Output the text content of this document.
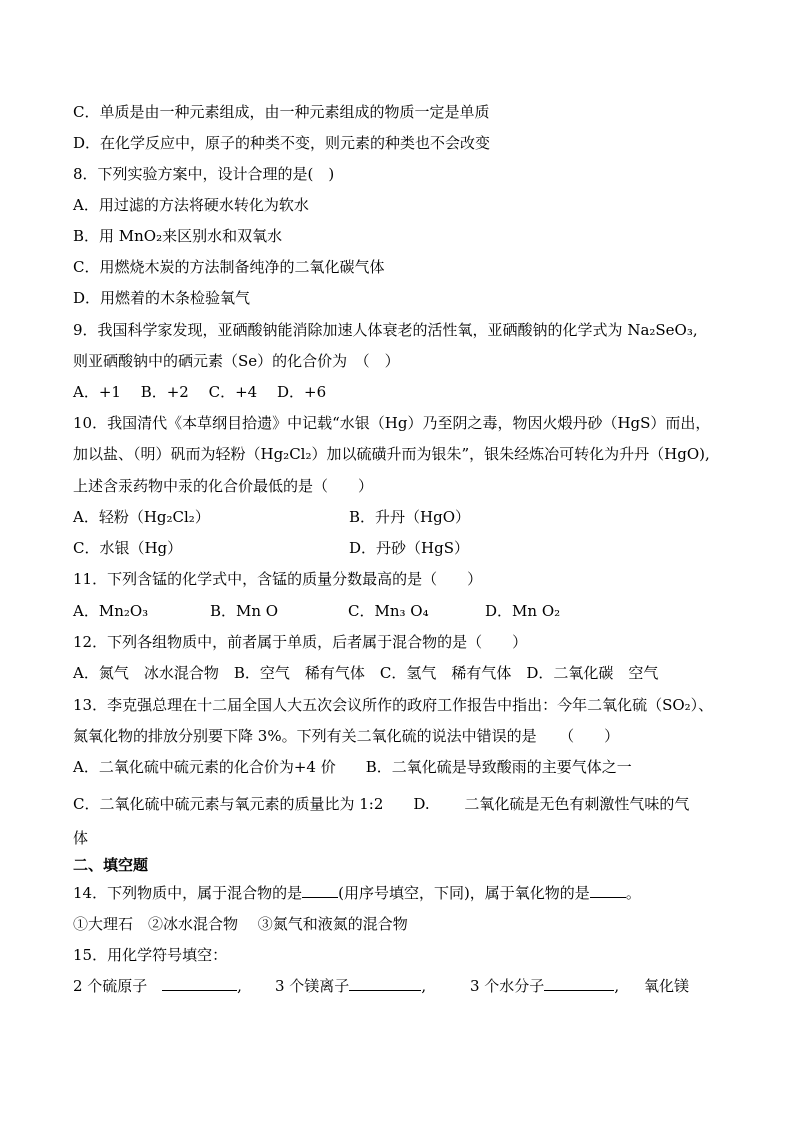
C．单质是由一种元素组成，由一种元素组成的物质一定是单质
D．在化学反应中，原子的种类不变，则元素的种类也不会改变
8．下列实验方案中，设计合理的是(　)
A．用过滤的方法将硬水转化为软水
B．用 MnO₂来区别水和双氧水
C．用燃烧木炭的方法制备纯净的二氧化碳气体
D．用燃着的木条检验氧气
9．我国科学家发现，亚硒酸钠能消除加速人体衰老的活性氧，亚硒酸钠的化学式为 Na₂SeO₃,
则亚硒酸钠中的硒元素（Se）的化合价为　（　）
A．+1　 B．+2　 C．+4　 D．+6
10．我国清代《本草纲目拾遗》中记载“水银（Hg）乃至阴之毒，物因火煅丹砂（HgS）而出，
加以盐、（明）矾而为轻粉（Hg₂Cl₂）加以硫磺升而为银朱”，银朱经炼冶可转化为升丹（HgO),
上述含汞药物中汞的化合价最低的是（　　）
A．轻粉（Hg₂Cl₂）	B．升丹（HgO）
C．水银（Hg）	D．丹砂（HgS）
11．下列含锰的化学式中，含锰的质量分数最高的是（　　）
A．Mn₂O₃	B．Mn O	C．Mn₃ O₄	D．Mn O₂
12．下列各组物质中，前者属于单质，后者属于混合物的是（　　）
A．氮气　冰水混合物　B．空气　稀有气体　C．氢气　稀有气体　D．二氧化碳　空气
13．李克强总理在十二届全国人大五次会议所作的政府工作报告中指出：今年二氧化硫（SO₂）、
氮氧化物的排放分别要下降 3%。下列有关二氧化硫的说法中错误的是　　（　　）
A．二氧化硫中硫元素的化合价为+4 价　　B．二氧化硫是导致酸雨的主要气体之一
C．二氧化硫中硫元素与氧元素的质量比为 1:2　　D.　　 二氧化硫是无色有刺激性气味的气
体
二、填空题
14．下列物质中，属于混合物的是 (用序号填空，下同)，属于氧化物的是 。
①大理石　②冰水混合物　 ③氮气和液氮的混合物
15．用化学符号填空：
2 个硫原子	, 3 个镁离子	,	3 个水分子	, 氧化镁
